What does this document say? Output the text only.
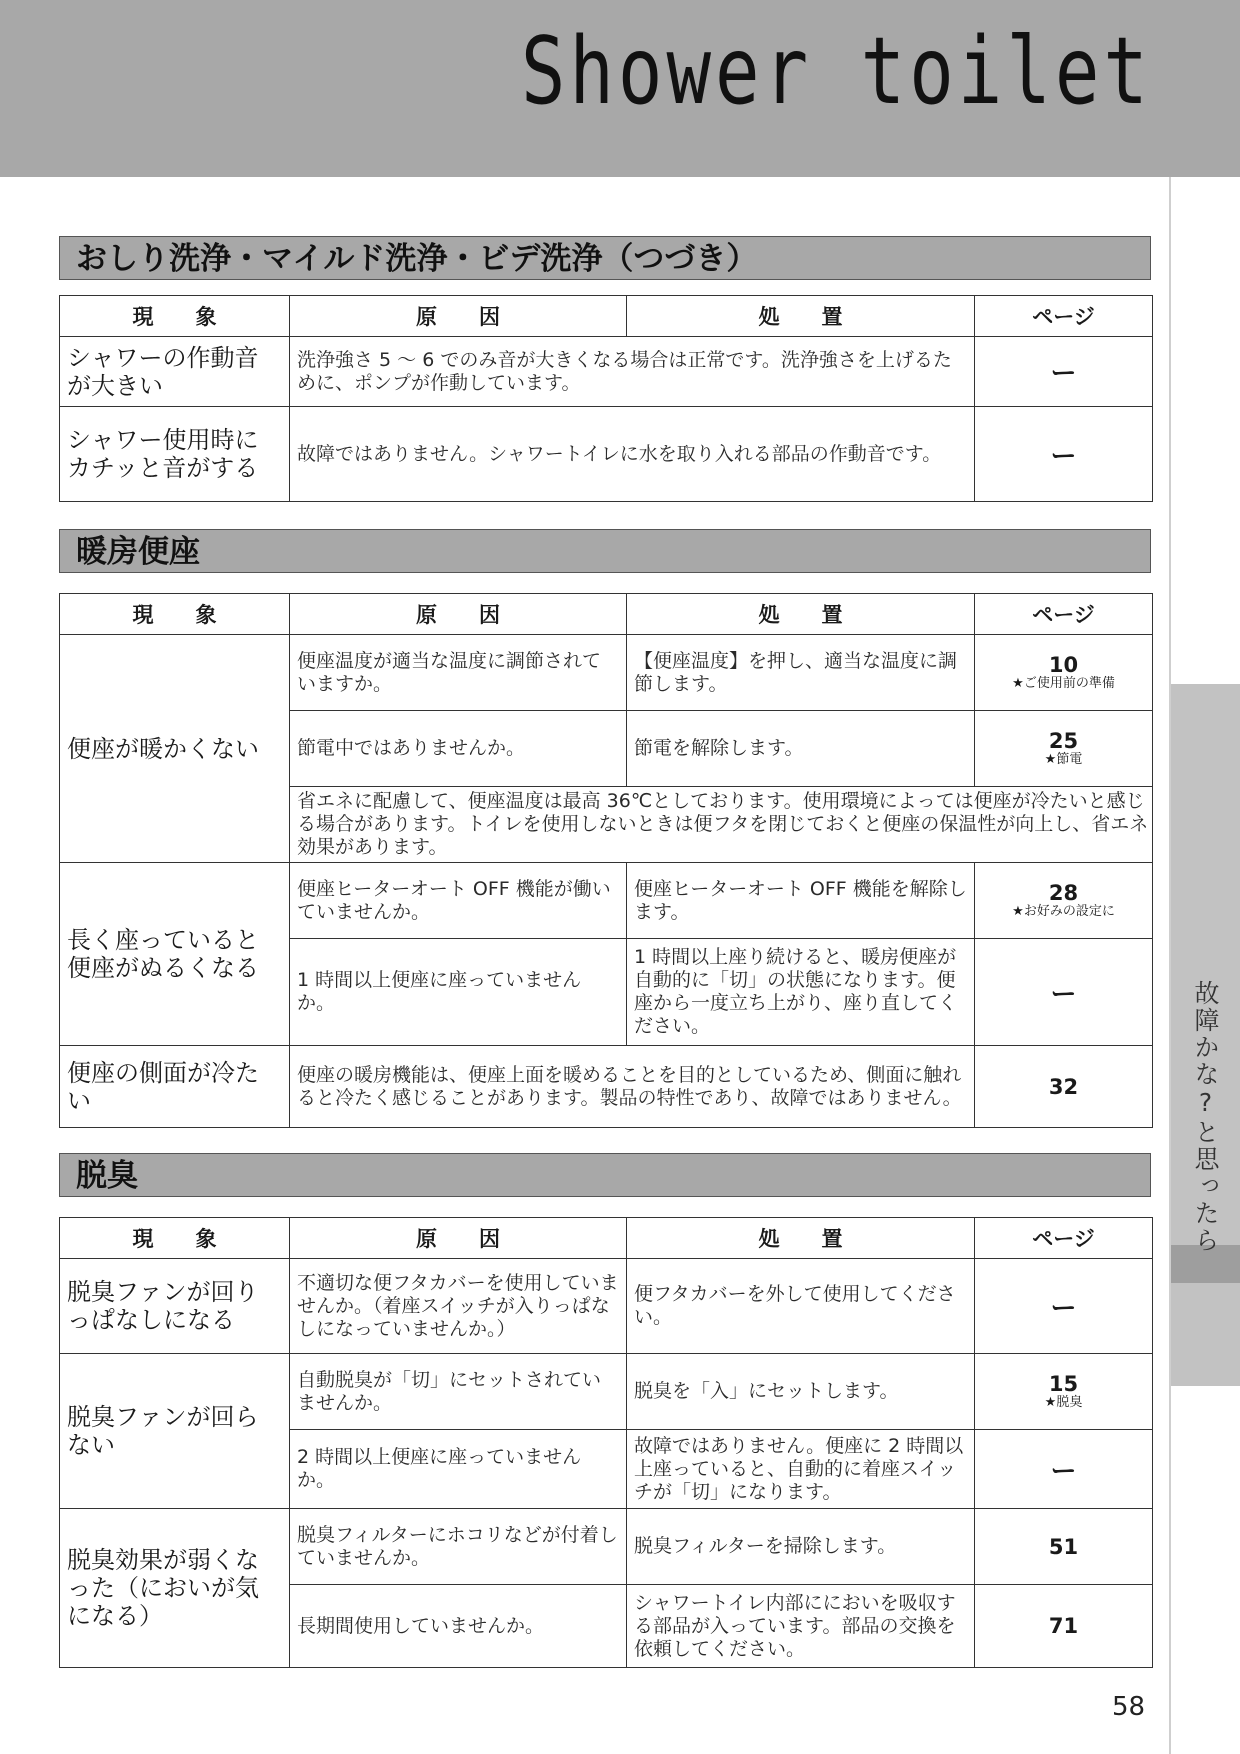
Shower toilet
故障かな?と思ったら
おしり洗浄・マイルド洗浄・ビデ洗浄（つづき）
現　　象	原　　因	処　　置	ページ
シャワーの作動音が大きい	洗浄強さ 5 ～ 6 でのみ音が大きくなる場合は正常です。洗浄強さを上げるために、ポンプが作動しています。		ー
シャワー使用時にカチッと音がする	故障ではありません。シャワートイレに水を取り入れる部品の作動音です。		ー
暖房便座
現　　象	原　　因	処　　置	ページ
便座が暖かくない	便座温度が適当な温度に調節されていますか。	【便座温度】を押し、適当な温度に調節します。	10
★ご使用前の準備

	節電中ではありませんか。	節電を解除します。	25
★節電

	省エネに配慮して、便座温度は最高 36℃としております。使用環境によっては便座が冷たいと感じる場合があります。トイレを使用しないときは便フタを閉じておくと便座の保温性が向上し、省エネ効果があります。		
長く座っていると便座がぬるくなる	便座ヒーターオート OFF 機能が働いていませんか。	便座ヒーターオート OFF 機能を解除します。	28
★お好みの設定に

	1 時間以上便座に座っていませんか。	1 時間以上座り続けると、暖房便座が自動的に「切」の状態になります。便座から一度立ち上がり、座り直してください。	ー
便座の側面が冷たい	便座の暖房機能は、便座上面を暖めることを目的としているため、側面に触れると冷たく感じることがあります。製品の特性であり、故障ではありません。		32
脱臭
現　　象	原　　因	処　　置	ページ
脱臭ファンが回りっぱなしになる	不適切な便フタカバーを使用していませんか。（着座スイッチが入りっぱなしになっていませんか。）	便フタカバーを外して使用してください。	ー
脱臭ファンが回らない	自動脱臭が「切」にセットされていませんか。	脱臭を「入」にセットします。	15
★脱臭

	2 時間以上便座に座っていませんか。	故障ではありません。便座に 2 時間以上座っていると、自動的に着座スイッチが「切」になります。	ー
脱臭効果が弱くなった（においが気になる）	脱臭フィルターにホコリなどが付着していませんか。	脱臭フィルターを掃除します。	51

	長期間使用していませんか。	シャワートイレ内部ににおいを吸収する部品が入っています。部品の交換を依頼してください。	71
58
